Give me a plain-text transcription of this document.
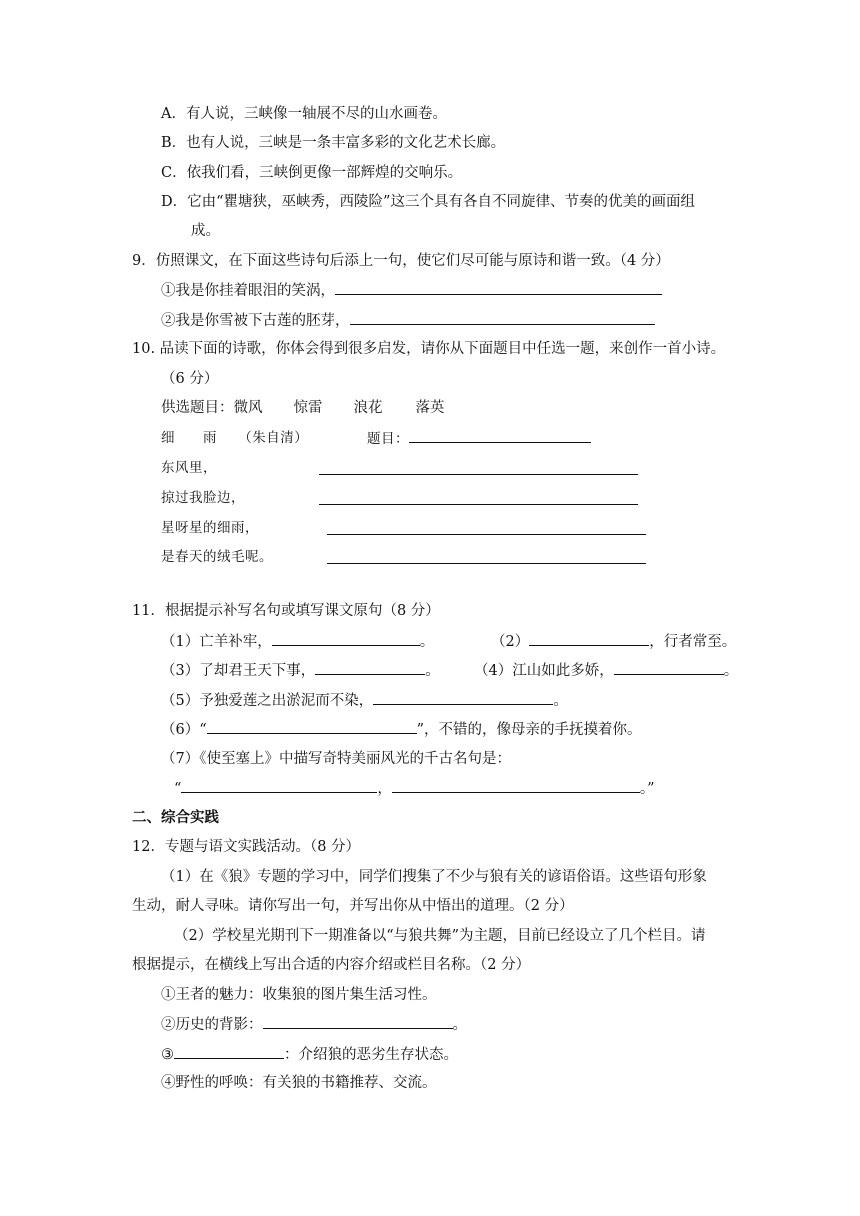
A．有人说，三峡像一轴展不尽的山水画卷。
B．也有人说，三峡是一条丰富多彩的文化艺术长廊。
C．依我们看，三峡倒更像一部辉煌的交响乐。
D．它由“瞿塘狭，巫峡秀，西陵险”这三个具有各自不同旋律、节奏的优美的画面组
成。
9．仿照课文，在下面这些诗句后添上一句，使它们尽可能与原诗和谐一致。（4 分）
①我是你挂着眼泪的笑涡，
②我是你雪被下古莲的胚芽，
10. 品读下面的诗歌，你体会得到很多启发，请你从下面题目中任选一题，来创作一首小诗。
（6 分）
供选题目：微风 惊雷 浪花 落英
细　　雨　　（朱自清）	题目：
东风里，
掠过我脸边，
星呀星的细雨，
是春天的绒毛呢。
11．根据提示补写名句或填写课文原句（8 分）
（1）亡羊补牢，	。	（2）	，行者常至。
（3）了却君王天下事，	。 （4）江山如此多娇，	。
（5）予独爱莲之出淤泥而不染，	。
（6）“	”，不错的，像母亲的手抚摸着你。
（7）《使至塞上》中描写奇特美丽风光的千古名句是：
“	，	。”
二、综合实践
12．专题与语文实践活动。（8 分）
（1）在《狼》专题的学习中，同学们搜集了不少与狼有关的谚语俗语。这些语句形象
生动，耐人寻味。请你写出一句，并写出你从中悟出的道理。（2 分）
（2）学校星光期刊下一期准备以“与狼共舞”为主题，目前已经设立了几个栏目。请
根据提示，在横线上写出合适的内容介绍或栏目名称。（2 分）
①王者的魅力：收集狼的图片集生活习性。
②历史的背影：	。
③	：介绍狼的恶劣生存状态。
④野性的呼唤：有关狼的书籍推荐、交流。
